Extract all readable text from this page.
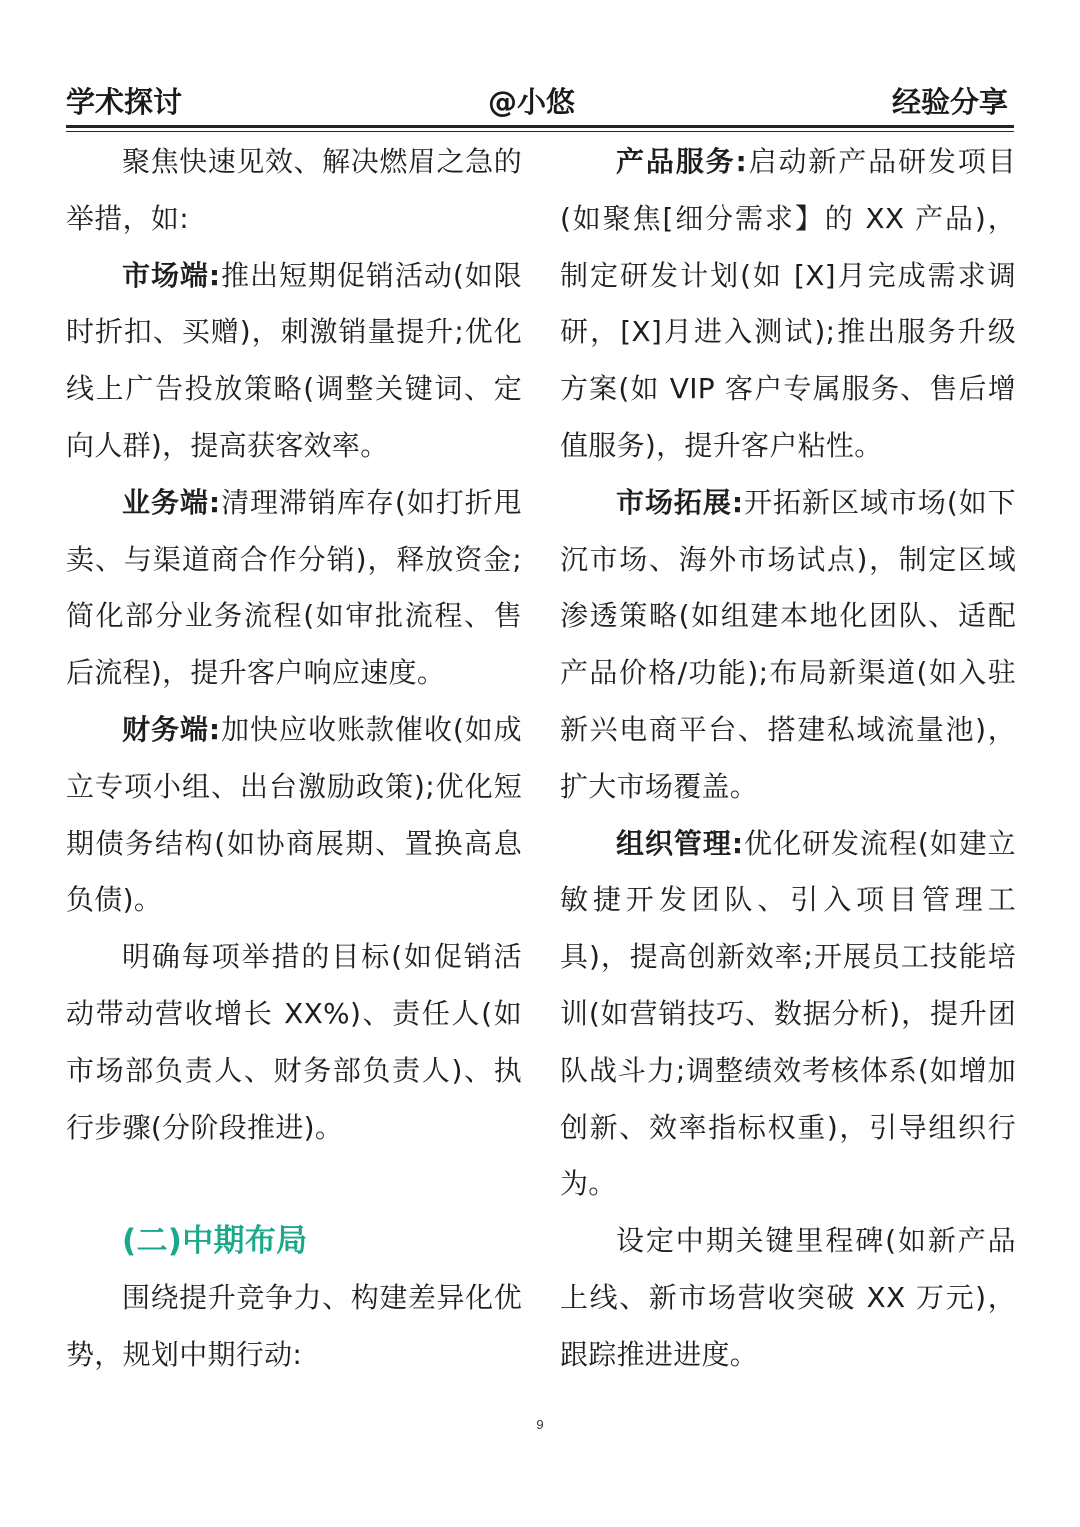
学术探讨	@小悠	经验分享

聚焦快速见效、解决燃眉之急的举措，如:

市场端:推出短期促销活动(如限时折扣、买赠)，刺激销量提升;优化线上广告投放策略(调整关键词、定向人群)，提高获客效率。

业务端:清理滞销库存(如打折甩卖、与渠道商合作分销)，释放资金;简化部分业务流程(如审批流程、售后流程)，提升客户响应速度。

财务端:加快应收账款催收(如成立专项小组、出台激励政策);优化短期债务结构(如协商展期、置换高息负债)。

明确每项举措的目标(如促销活动带动营收增长 XX%)、责任人(如市场部负责人、财务部负责人)、执行步骤(分阶段推进)。

(二)中期布局

围绕提升竞争力、构建差异化优势，规划中期行动:

产品服务:启动新产品研发项目(如聚焦[细分需求】的 XX 产品)，制定研发计划(如 [X]月完成需求调研，[X]月进入测试);推出服务升级方案(如 VIP 客户专属服务、售后增值服务)，提升客户粘性。

市场拓展:开拓新区域市场(如下沉市场、海外市场试点)，制定区域渗透策略(如组建本地化团队、适配产品价格/功能);布局新渠道(如入驻新兴电商平台、搭建私域流量池)，扩大市场覆盖。

组织管理:优化研发流程(如建立敏捷开发团队、引入项目管理工具)，提高创新效率;开展员工技能培训(如营销技巧、数据分析)，提升团队战斗力;调整绩效考核体系(如增加创新、效率指标权重)，引导组织行为。

设定中期关键里程碑(如新产品上线、新市场营收突破 XX 万元)，跟踪推进进度。

9
